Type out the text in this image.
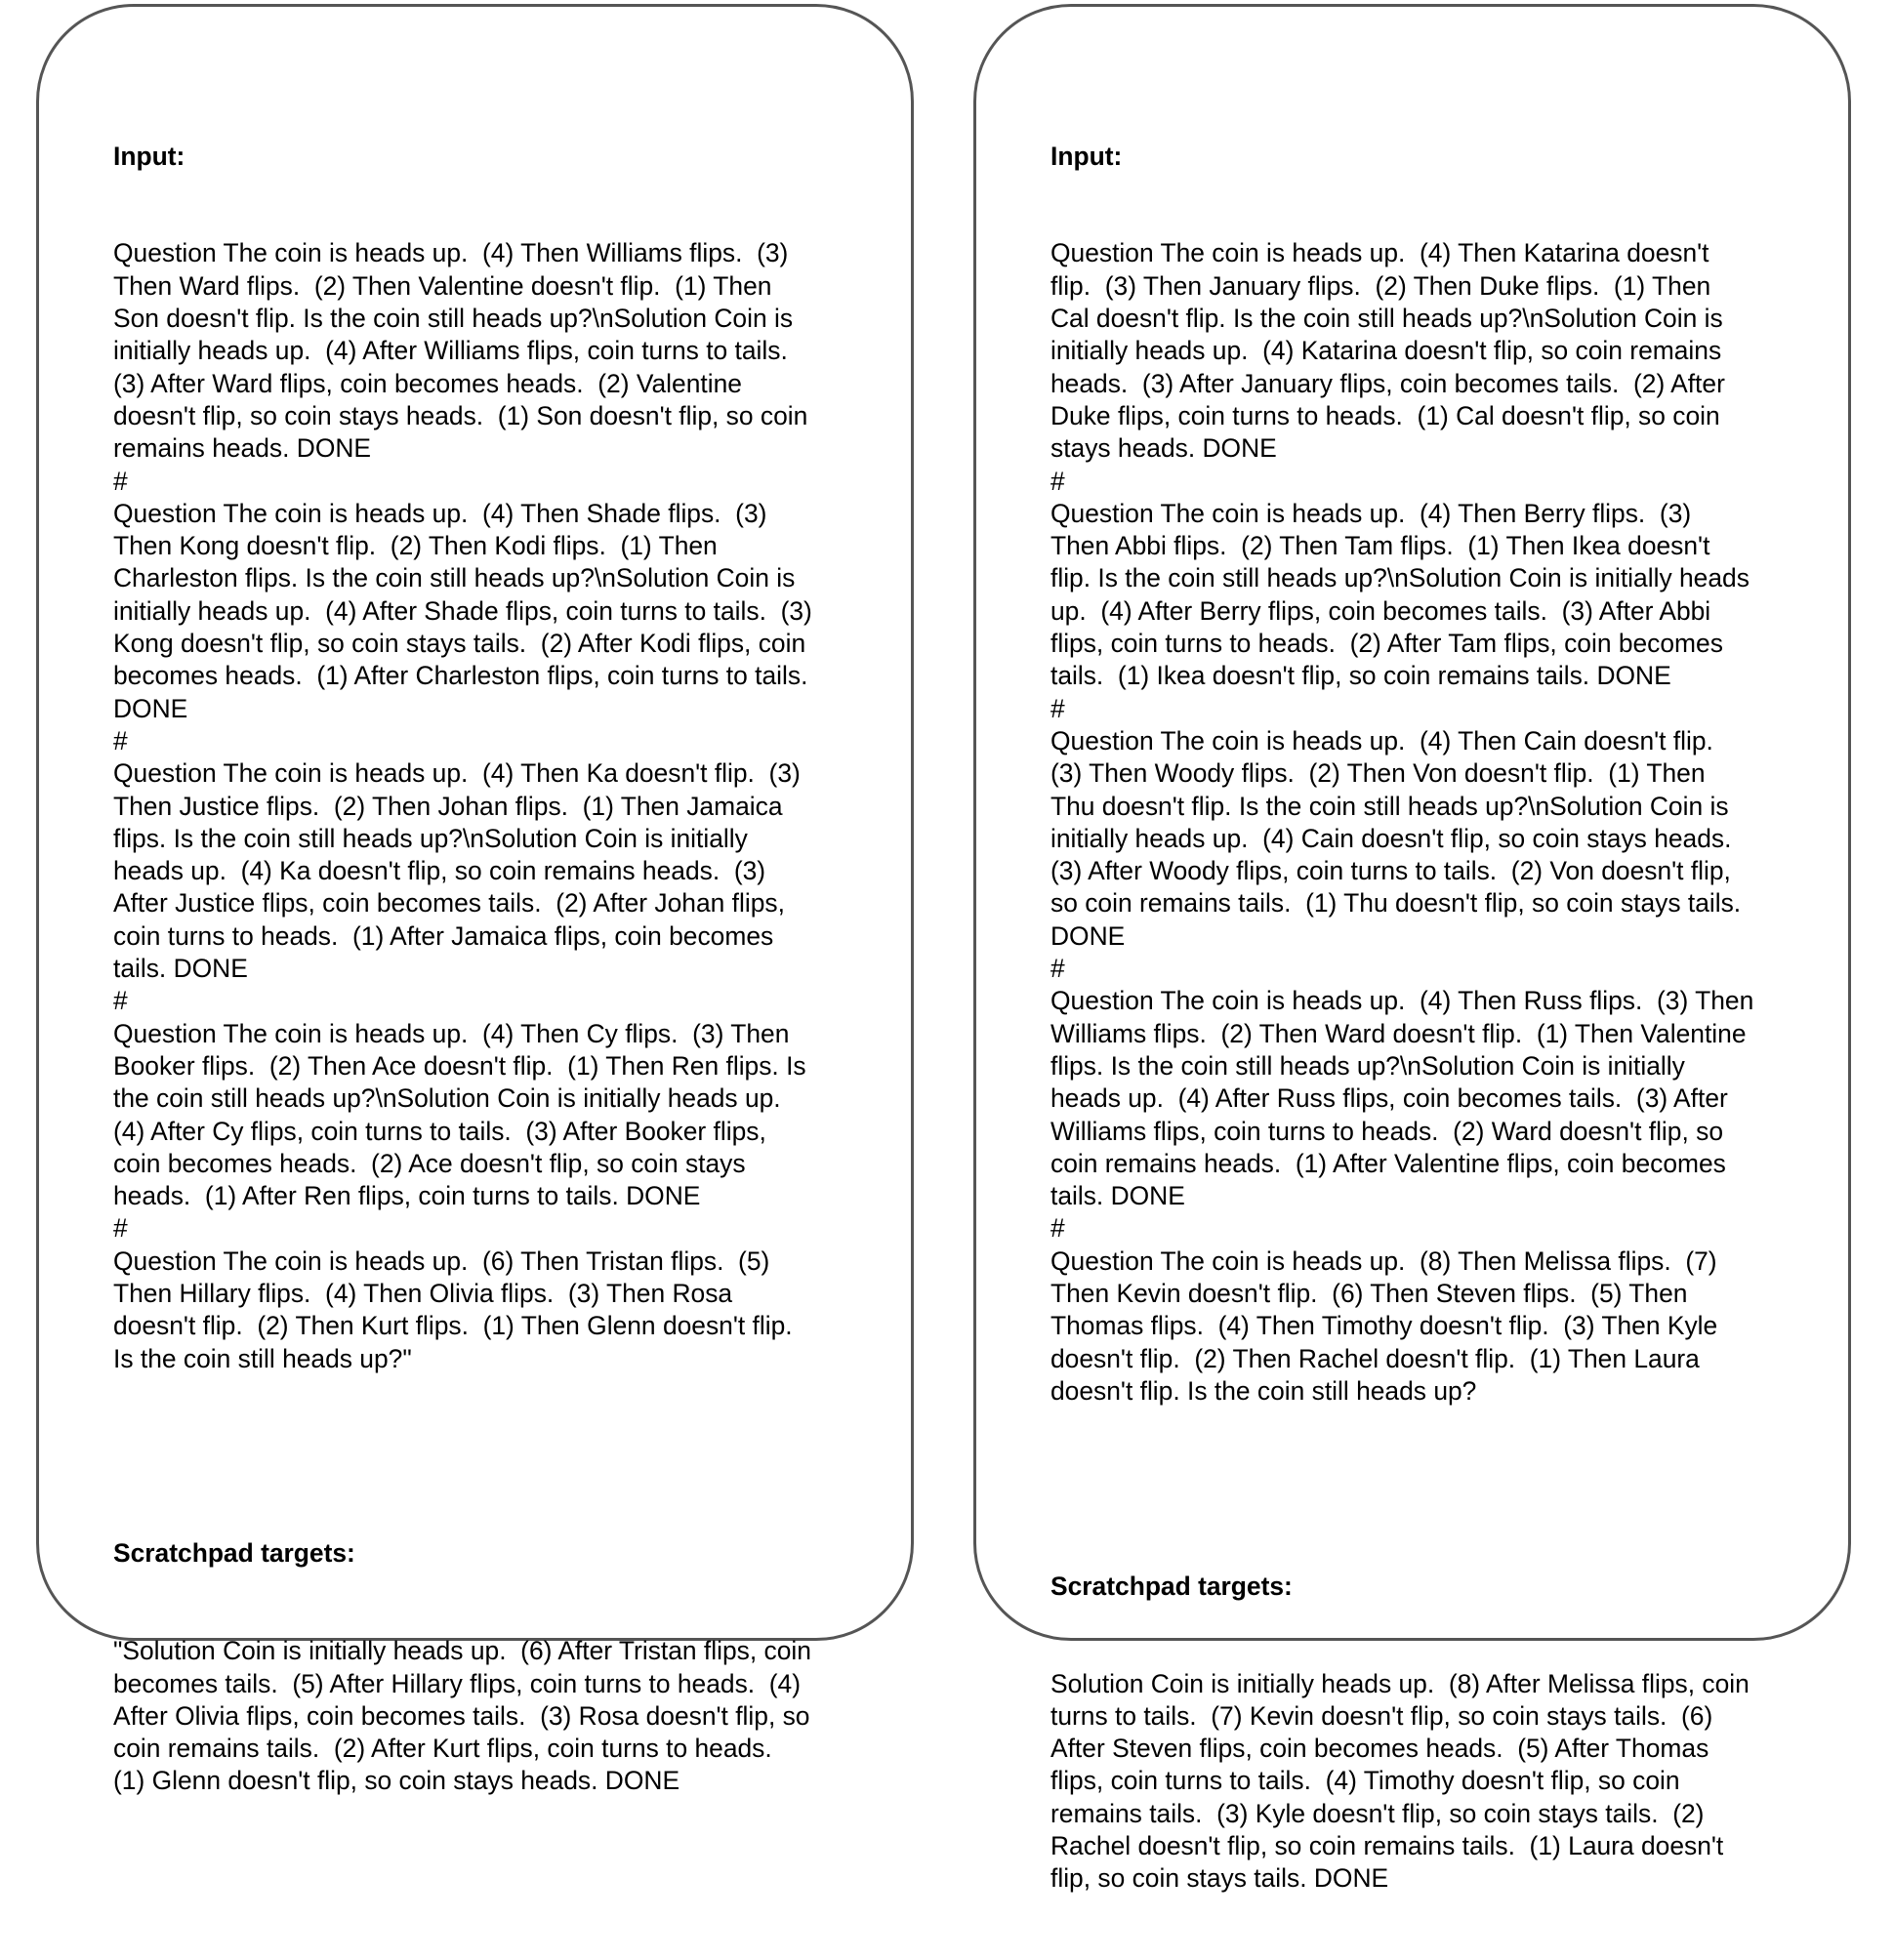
Input:

Question The coin is heads up.  (4) Then Williams flips.  (3)
Then Ward flips.  (2) Then Valentine doesn't flip.  (1) Then
Son doesn't flip. Is the coin still heads up?\nSolution Coin is
initially heads up.  (4) After Williams flips, coin turns to tails.
(3) After Ward flips, coin becomes heads.  (2) Valentine
doesn't flip, so coin stays heads.  (1) Son doesn't flip, so coin
remains heads. DONE
#
Question The coin is heads up.  (4) Then Shade flips.  (3)
Then Kong doesn't flip.  (2) Then Kodi flips.  (1) Then
Charleston flips. Is the coin still heads up?\nSolution Coin is
initially heads up.  (4) After Shade flips, coin turns to tails.  (3)
Kong doesn't flip, so coin stays tails.  (2) After Kodi flips, coin
becomes heads.  (1) After Charleston flips, coin turns to tails.
DONE
#
Question The coin is heads up.  (4) Then Ka doesn't flip.  (3)
Then Justice flips.  (2) Then Johan flips.  (1) Then Jamaica
flips. Is the coin still heads up?\nSolution Coin is initially
heads up.  (4) Ka doesn't flip, so coin remains heads.  (3)
After Justice flips, coin becomes tails.  (2) After Johan flips,
coin turns to heads.  (1) After Jamaica flips, coin becomes
tails. DONE
#
Question The coin is heads up.  (4) Then Cy flips.  (3) Then
Booker flips.  (2) Then Ace doesn't flip.  (1) Then Ren flips. Is
the coin still heads up?\nSolution Coin is initially heads up.
(4) After Cy flips, coin turns to tails.  (3) After Booker flips,
coin becomes heads.  (2) Ace doesn't flip, so coin stays
heads.  (1) After Ren flips, coin turns to tails. DONE
#
Question The coin is heads up.  (6) Then Tristan flips.  (5)
Then Hillary flips.  (4) Then Olivia flips.  (3) Then Rosa
doesn't flip.  (2) Then Kurt flips.  (1) Then Glenn doesn't flip.
Is the coin still heads up?"

Scratchpad targets:

"Solution Coin is initially heads up.  (6) After Tristan flips, coin
becomes tails.  (5) After Hillary flips, coin turns to heads.  (4)
After Olivia flips, coin becomes tails.  (3) Rosa doesn't flip, so
coin remains tails.  (2) After Kurt flips, coin turns to heads.
(1) Glenn doesn't flip, so coin stays heads. DONE

Input:

Question The coin is heads up.  (4) Then Katarina doesn't
flip.  (3) Then January flips.  (2) Then Duke flips.  (1) Then
Cal doesn't flip. Is the coin still heads up?\nSolution Coin is
initially heads up.  (4) Katarina doesn't flip, so coin remains
heads.  (3) After January flips, coin becomes tails.  (2) After
Duke flips, coin turns to heads.  (1) Cal doesn't flip, so coin
stays heads. DONE
#
Question The coin is heads up.  (4) Then Berry flips.  (3)
Then Abbi flips.  (2) Then Tam flips.  (1) Then Ikea doesn't
flip. Is the coin still heads up?\nSolution Coin is initially heads
up.  (4) After Berry flips, coin becomes tails.  (3) After Abbi
flips, coin turns to heads.  (2) After Tam flips, coin becomes
tails.  (1) Ikea doesn't flip, so coin remains tails. DONE
#
Question The coin is heads up.  (4) Then Cain doesn't flip.
(3) Then Woody flips.  (2) Then Von doesn't flip.  (1) Then
Thu doesn't flip. Is the coin still heads up?\nSolution Coin is
initially heads up.  (4) Cain doesn't flip, so coin stays heads.
(3) After Woody flips, coin turns to tails.  (2) Von doesn't flip,
so coin remains tails.  (1) Thu doesn't flip, so coin stays tails.
DONE
#
Question The coin is heads up.  (4) Then Russ flips.  (3) Then
Williams flips.  (2) Then Ward doesn't flip.  (1) Then Valentine
flips. Is the coin still heads up?\nSolution Coin is initially
heads up.  (4) After Russ flips, coin becomes tails.  (3) After
Williams flips, coin turns to heads.  (2) Ward doesn't flip, so
coin remains heads.  (1) After Valentine flips, coin becomes
tails. DONE
#
Question The coin is heads up.  (8) Then Melissa flips.  (7)
Then Kevin doesn't flip.  (6) Then Steven flips.  (5) Then
Thomas flips.  (4) Then Timothy doesn't flip.  (3) Then Kyle
doesn't flip.  (2) Then Rachel doesn't flip.  (1) Then Laura
doesn't flip. Is the coin still heads up?

Scratchpad targets:

Solution Coin is initially heads up.  (8) After Melissa flips, coin
turns to tails.  (7) Kevin doesn't flip, so coin stays tails.  (6)
After Steven flips, coin becomes heads.  (5) After Thomas
flips, coin turns to tails.  (4) Timothy doesn't flip, so coin
remains tails.  (3) Kyle doesn't flip, so coin stays tails.  (2)
Rachel doesn't flip, so coin remains tails.  (1) Laura doesn't
flip, so coin stays tails. DONE
